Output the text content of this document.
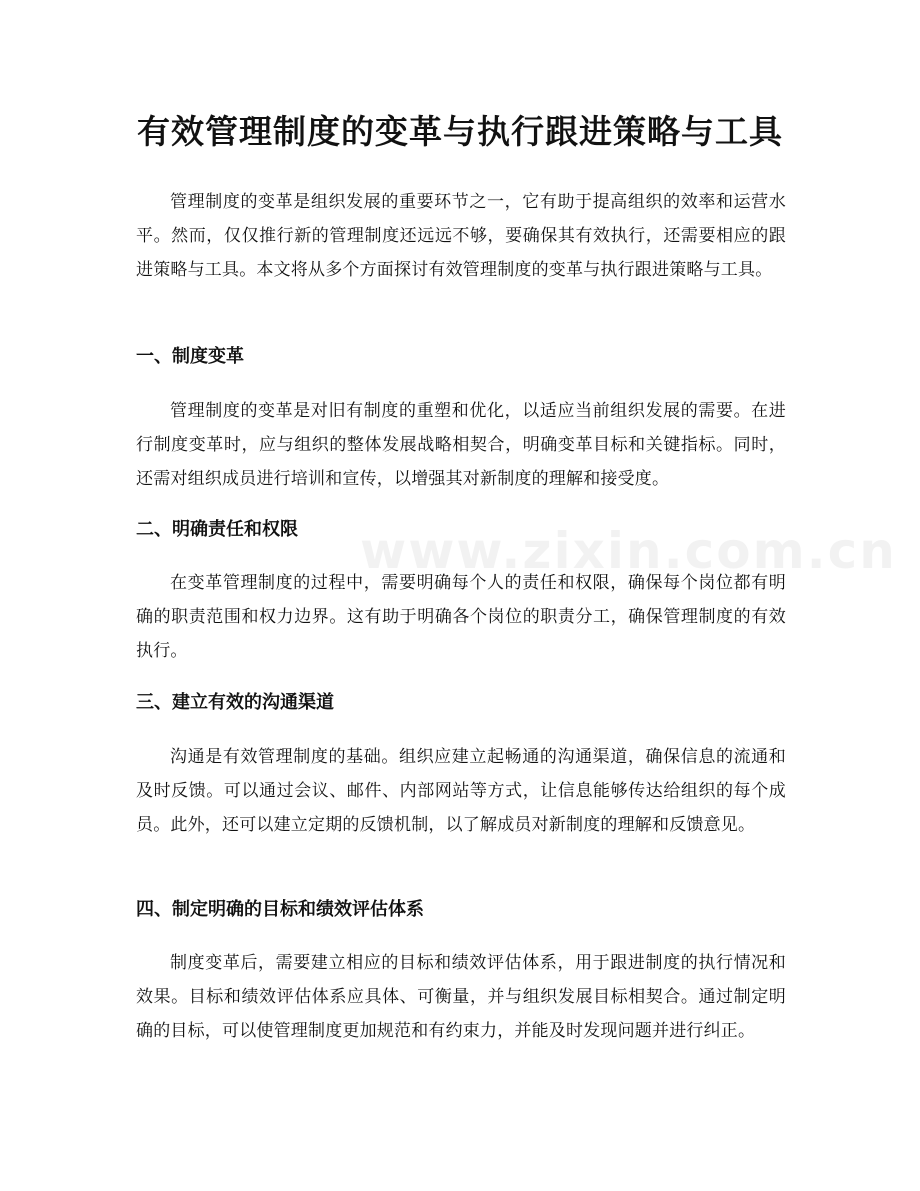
www.zixin.com.cn
有效管理制度的变革与执行跟进策略与工具

管理制度的变革是组织发展的重要环节之一，它有助于提高组织的效率和运营水平。然而，仅仅推行新的管理制度还远远不够，要确保其有效执行，还需要相应的跟进策略与工具。本文将从多个方面探讨有效管理制度的变革与执行跟进策略与工具。

一、制度变革

管理制度的变革是对旧有制度的重塑和优化，以适应当前组织发展的需要。在进行制度变革时，应与组织的整体发展战略相契合，明确变革目标和关键指标。同时，还需对组织成员进行培训和宣传，以增强其对新制度的理解和接受度。

二、明确责任和权限

在变革管理制度的过程中，需要明确每个人的责任和权限，确保每个岗位都有明确的职责范围和权力边界。这有助于明确各个岗位的职责分工，确保管理制度的有效执行。

三、建立有效的沟通渠道

沟通是有效管理制度的基础。组织应建立起畅通的沟通渠道，确保信息的流通和及时反馈。可以通过会议、邮件、内部网站等方式，让信息能够传达给组织的每个成员。此外，还可以建立定期的反馈机制，以了解成员对新制度的理解和反馈意见。

四、制定明确的目标和绩效评估体系

制度变革后，需要建立相应的目标和绩效评估体系，用于跟进制度的执行情况和效果。目标和绩效评估体系应具体、可衡量，并与组织发展目标相契合。通过制定明确的目标，可以使管理制度更加规范和有约束力，并能及时发现问题并进行纠正。
